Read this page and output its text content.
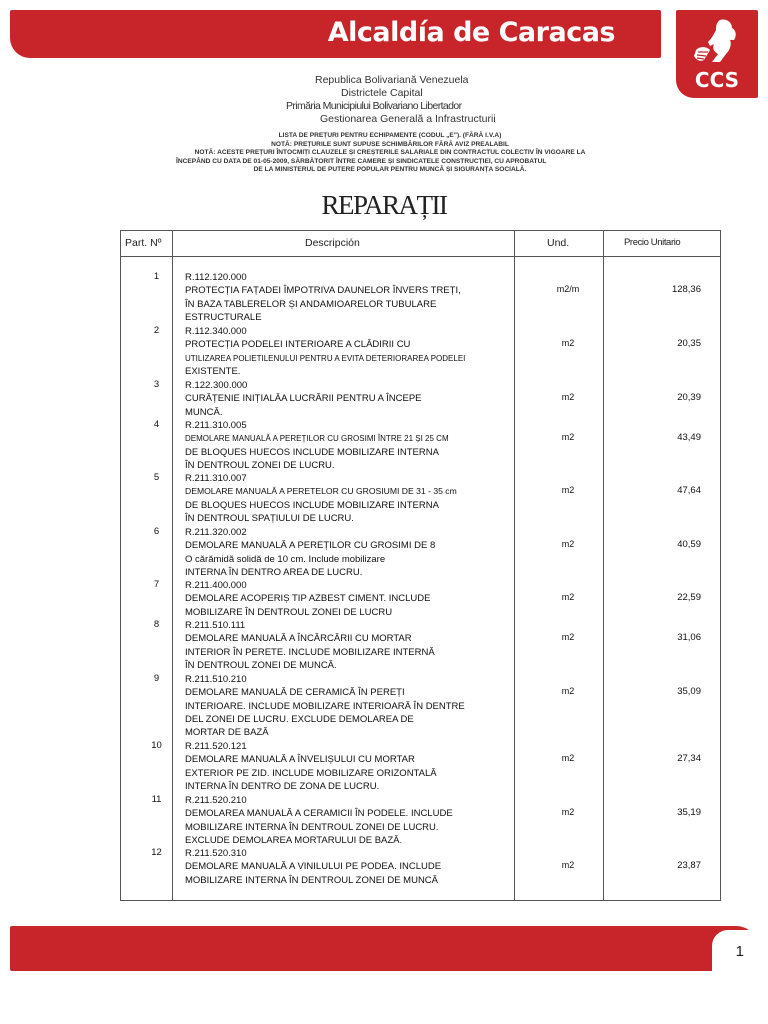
Alcaldía de Caracas
CCS
Republica Bolivariană Venezuela
Districtele Capital
Primăria Municipiului Bolivariano Libertador
Gestionarea Generală a Infrastructurii
LISTA DE PREȚURI PENTRU ECHIPAMENTE (CODUL „E"). (FĂRĂ I.V.A)
NOTĂ: PREȚURILE SUNT SUPUSE SCHIMBĂRILOR FĂRĂ AVIZ PREALABIL
NOTĂ: ACESTE PREȚURI ÎNTOCMIȚI CLAUZELE ȘI CREȘTERILE SALARIALE DIN CONTRACTUL COLECTIV ÎN VIGOARE LA
ÎNCEPÂND CU DATA DE 01-05-2009, SĂRBĂTORIT ÎNTRE CAMERE ȘI SINDICATELE CONSTRUCȚIEI, CU APROBATUL
DE LA MINISTERUL DE PUTERE POPULAR PENTRU MUNCĂ ȘI SIGURANȚA SOCIALĂ.
REPARAȚII
Part. Nº	Descripción	Und.	Precio Unitario
1	R.112.120.000
PROTECȚIA FAȚADEI ÎMPOTRIVA DAUNELOR ÎNVERS TREȚI,
ÎN BAZA TABLERELOR ȘI ANDAMIOARELOR TUBULARE
ESTRUCTURALE
m2/m	128,36
2	R.112.340.000
PROTECȚIA PODELEI INTERIOARE A CLĂDIRII CU
UTILIZAREA POLIETILENULUI PENTRU A EVITA DETERIORAREA PODELEI
EXISTENTE.
m2	20,35
3	R.122.300.000
CURĂȚENIE INIȚIALĂA LUCRĂRII PENTRU A ÎNCEPE
MUNCĂ.
m2	20,39
4	R.211.310.005
DEMOLARE MANUALĂ A PEREȚILOR CU GROSIMI ÎNTRE 21 ȘI 25 CM
DE BLOQUES HUECOS INCLUDE MOBILIZARE INTERNA
ÎN DENTROUL ZONEI DE LUCRU.
m2	43,49
5	R.211.310.007
DEMOLARE MANUALĂ A PERETELOR CU GROSIUMI DE 31 - 35 cm
DE BLOQUES HUECOS INCLUDE MOBILIZARE INTERNA
ÎN DENTROUL SPAȚIULUI DE LUCRU.
m2	47,64
6	R.211.320.002
DEMOLARE MANUALĂ A PEREȚILOR CU GROSIMI DE 8
O cărămidă solidă de 10 cm. Include mobilizare
INTERNA ÎN DENTRO AREA DE LUCRU.
m2	40,59
7	R.211.400.000
DEMOLARE ACOPERIȘ TIP AZBEST CIMENT. INCLUDE
MOBILIZARE ÎN DENTROUL ZONEI DE LUCRU
m2	22,59
8	R.211.510.111
DEMOLARE MANUALĂ A ÎNCĂRCĂRII CU MORTAR
INTERIOR ÎN PERETE. INCLUDE MOBILIZARE INTERNĂ
ÎN DENTROUL ZONEI DE MUNCĂ.
m2	31,06
9	R.211.510.210
DEMOLARE MANUALĂ DE CERAMICĂ ÎN PEREȚI
INTERIOARE. INCLUDE MOBILIZARE INTERIOARĂ ÎN DENTRE
DEL ZONEI DE LUCRU. EXCLUDE DEMOLAREA DE
MORTAR DE BAZĂ
m2	35,09
10 R.211.520.121
DEMOLARE MANUALĂ A ÎNVELIȘULUI CU MORTAR
EXTERIOR PE ZID. INCLUDE MOBILIZARE ORIZONTALĂ
INTERNA ÎN DENTRO DE ZONA DE LUCRU.
m2	27,34
11 R.211.520.210
DEMOLAREA MANUALĂ A CERAMICII ÎN PODELE. INCLUDE
MOBILIZARE INTERNA ÎN DENTROUL ZONEI DE LUCRU.
EXCLUDE DEMOLAREA MORTARULUI DE BAZĂ.
m2	35,19
12 R.211.520.310
DEMOLARE MANUALĂ A VINILULUI PE PODEA. INCLUDE
MOBILIZARE INTERNA ÎN DENTROUL ZONEI DE MUNCĂ
m2	23,87
1
